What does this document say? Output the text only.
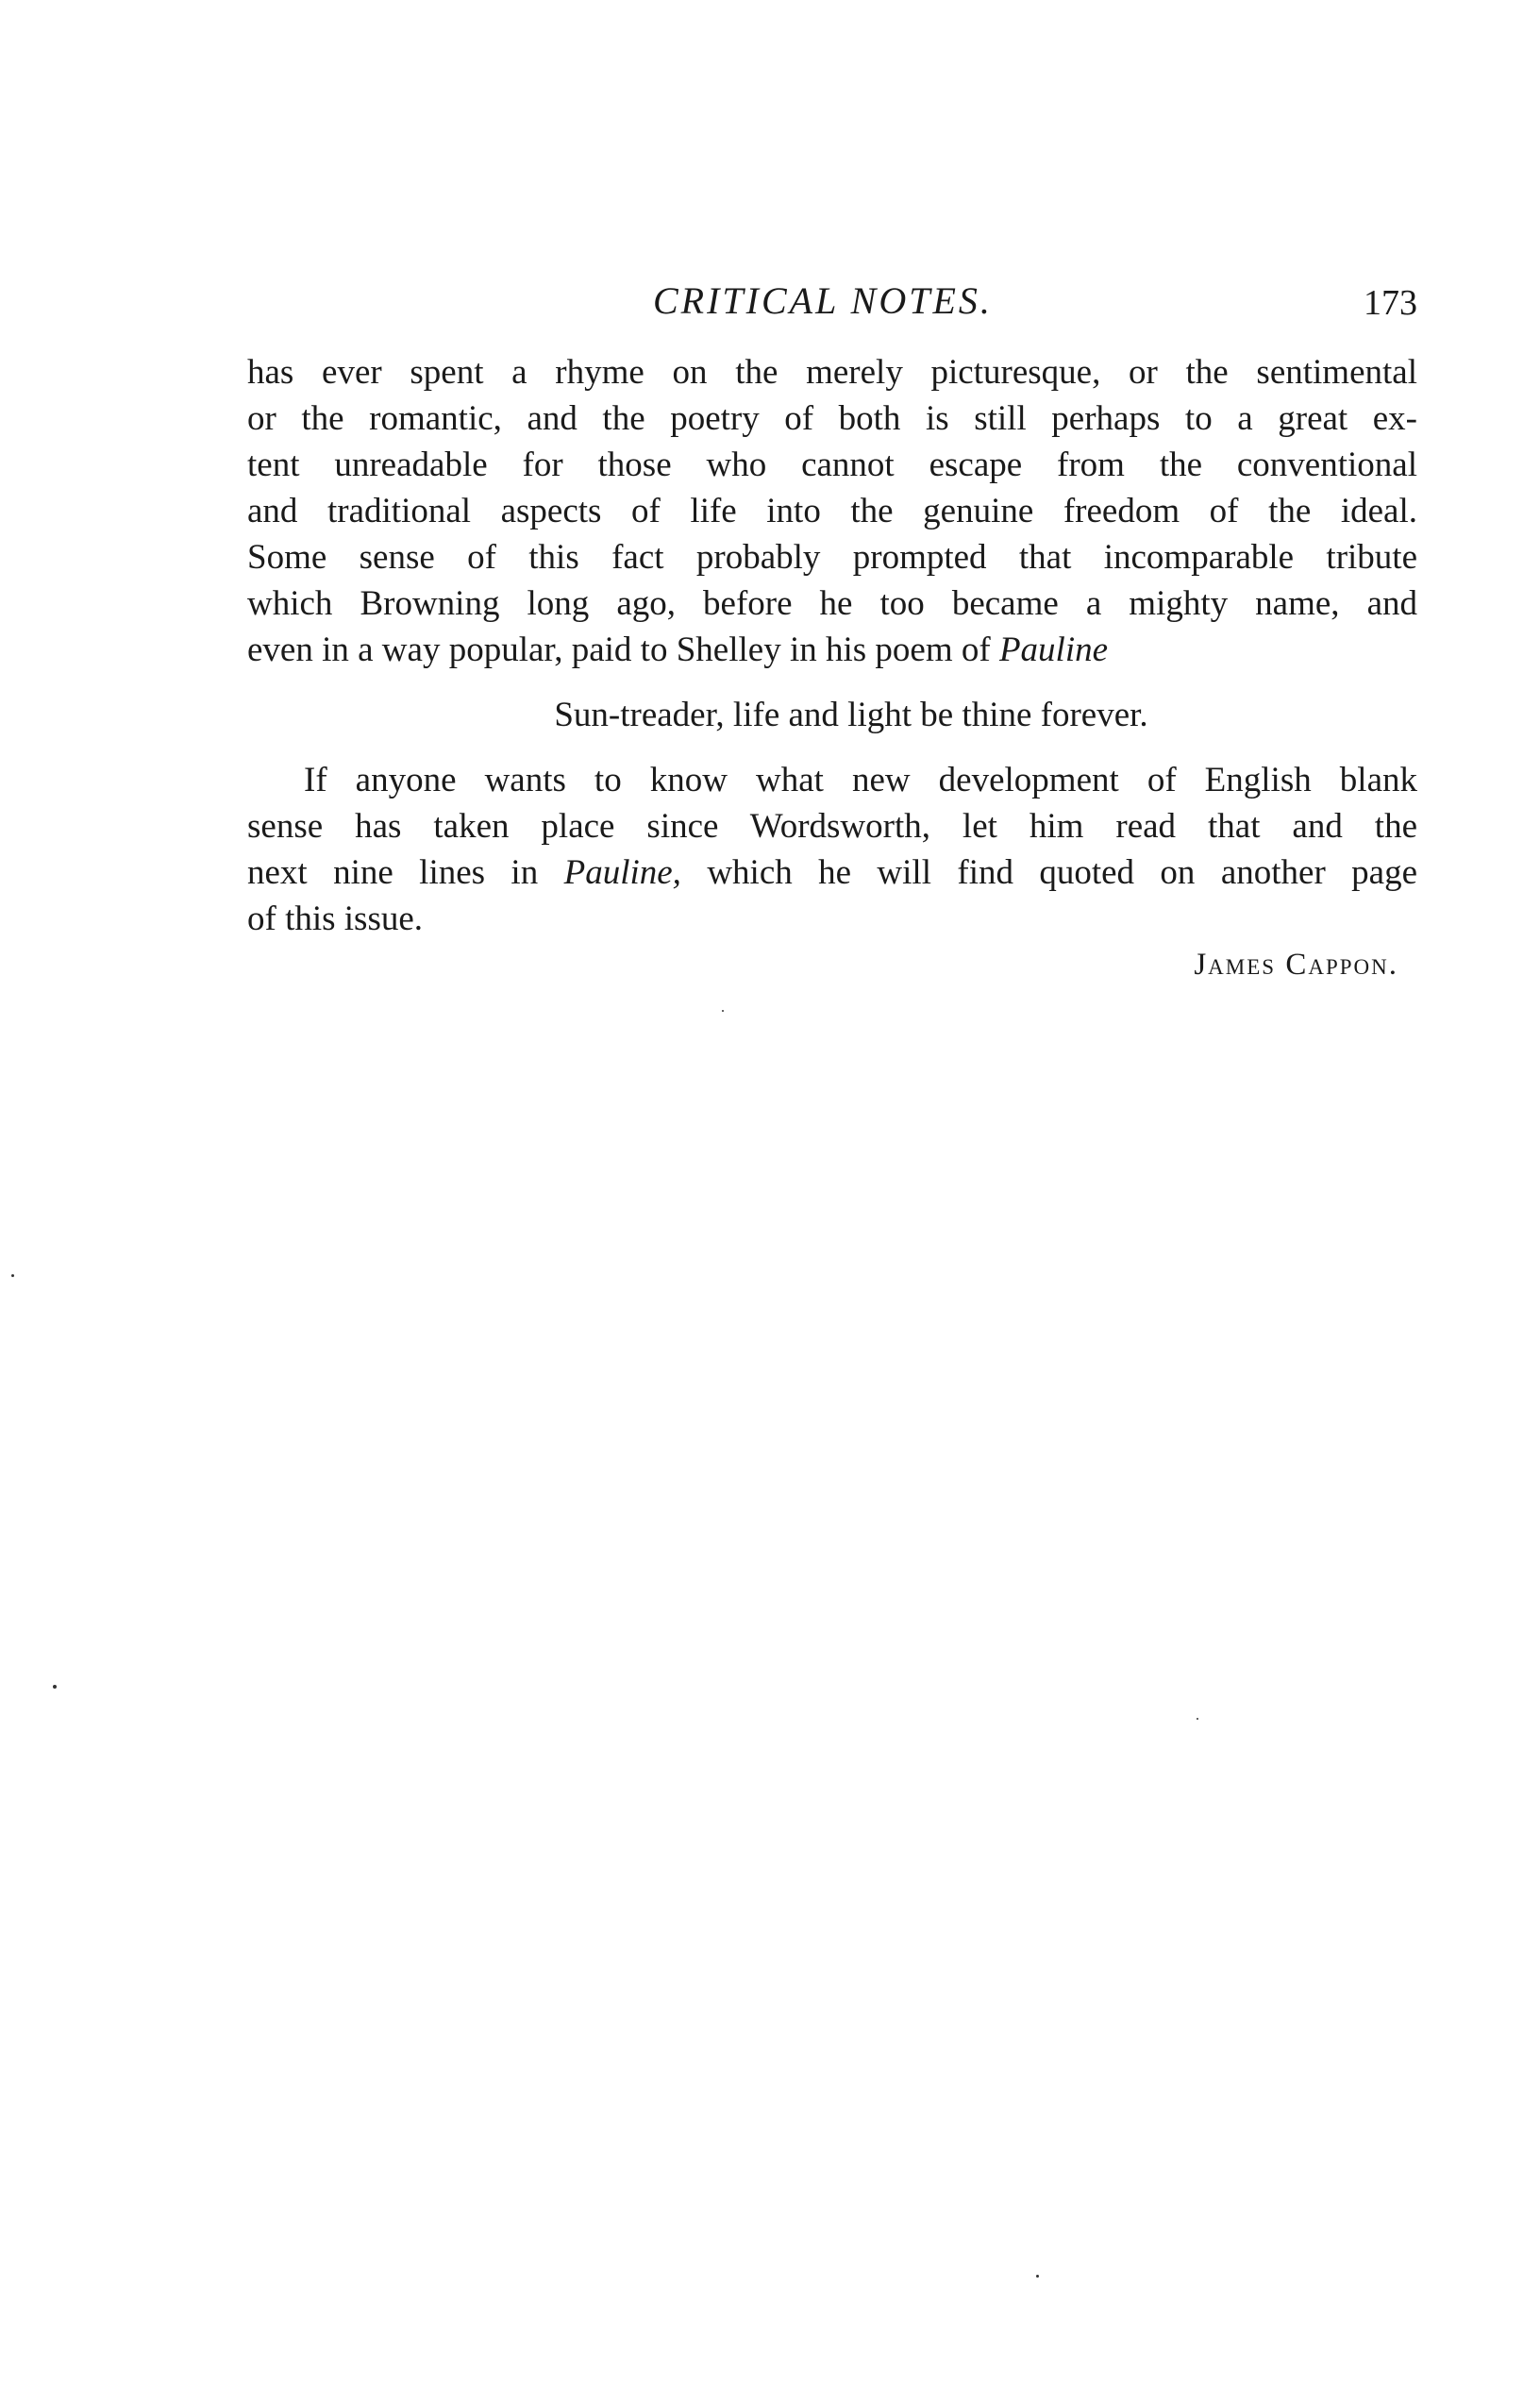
CRITICAL NOTES.	173
has ever spent a rhyme on the merely picturesque, or the sentimental
or the romantic, and the poetry of both is still perhaps to a great ex-
tent unreadable for those who cannot escape from the conventional
and traditional aspects of life into the genuine freedom of the ideal.
Some sense of this fact probably prompted that incomparable tribute
which Browning long ago, before he too became a mighty name, and
even in a way popular, paid to Shelley in his poem of Pauline
Sun-treader, life and light be thine forever.
If anyone wants to know what new development of English blank
sense has taken place since Wordsworth, let him read that and the
next nine lines in Pauline, which he will find quoted on another page
of this issue.
James Cappon.
